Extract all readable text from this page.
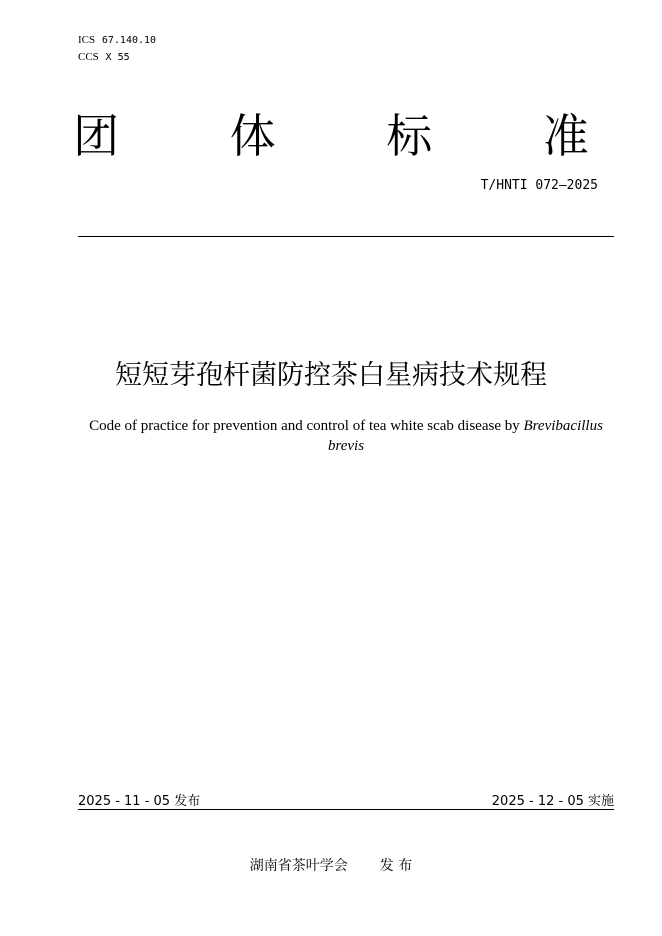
ICS 67.140.10
CCS X 55
团 体 标 准
T/HNTI 072—2025
短短芽孢杆菌防控茶白星病技术规程
Code of practice for prevention and control of tea white scab disease by Brevibacillus
brevis
2025 - 11 - 05 发布	2025 - 12 - 05 实施
湖南省茶叶学会 发 布
